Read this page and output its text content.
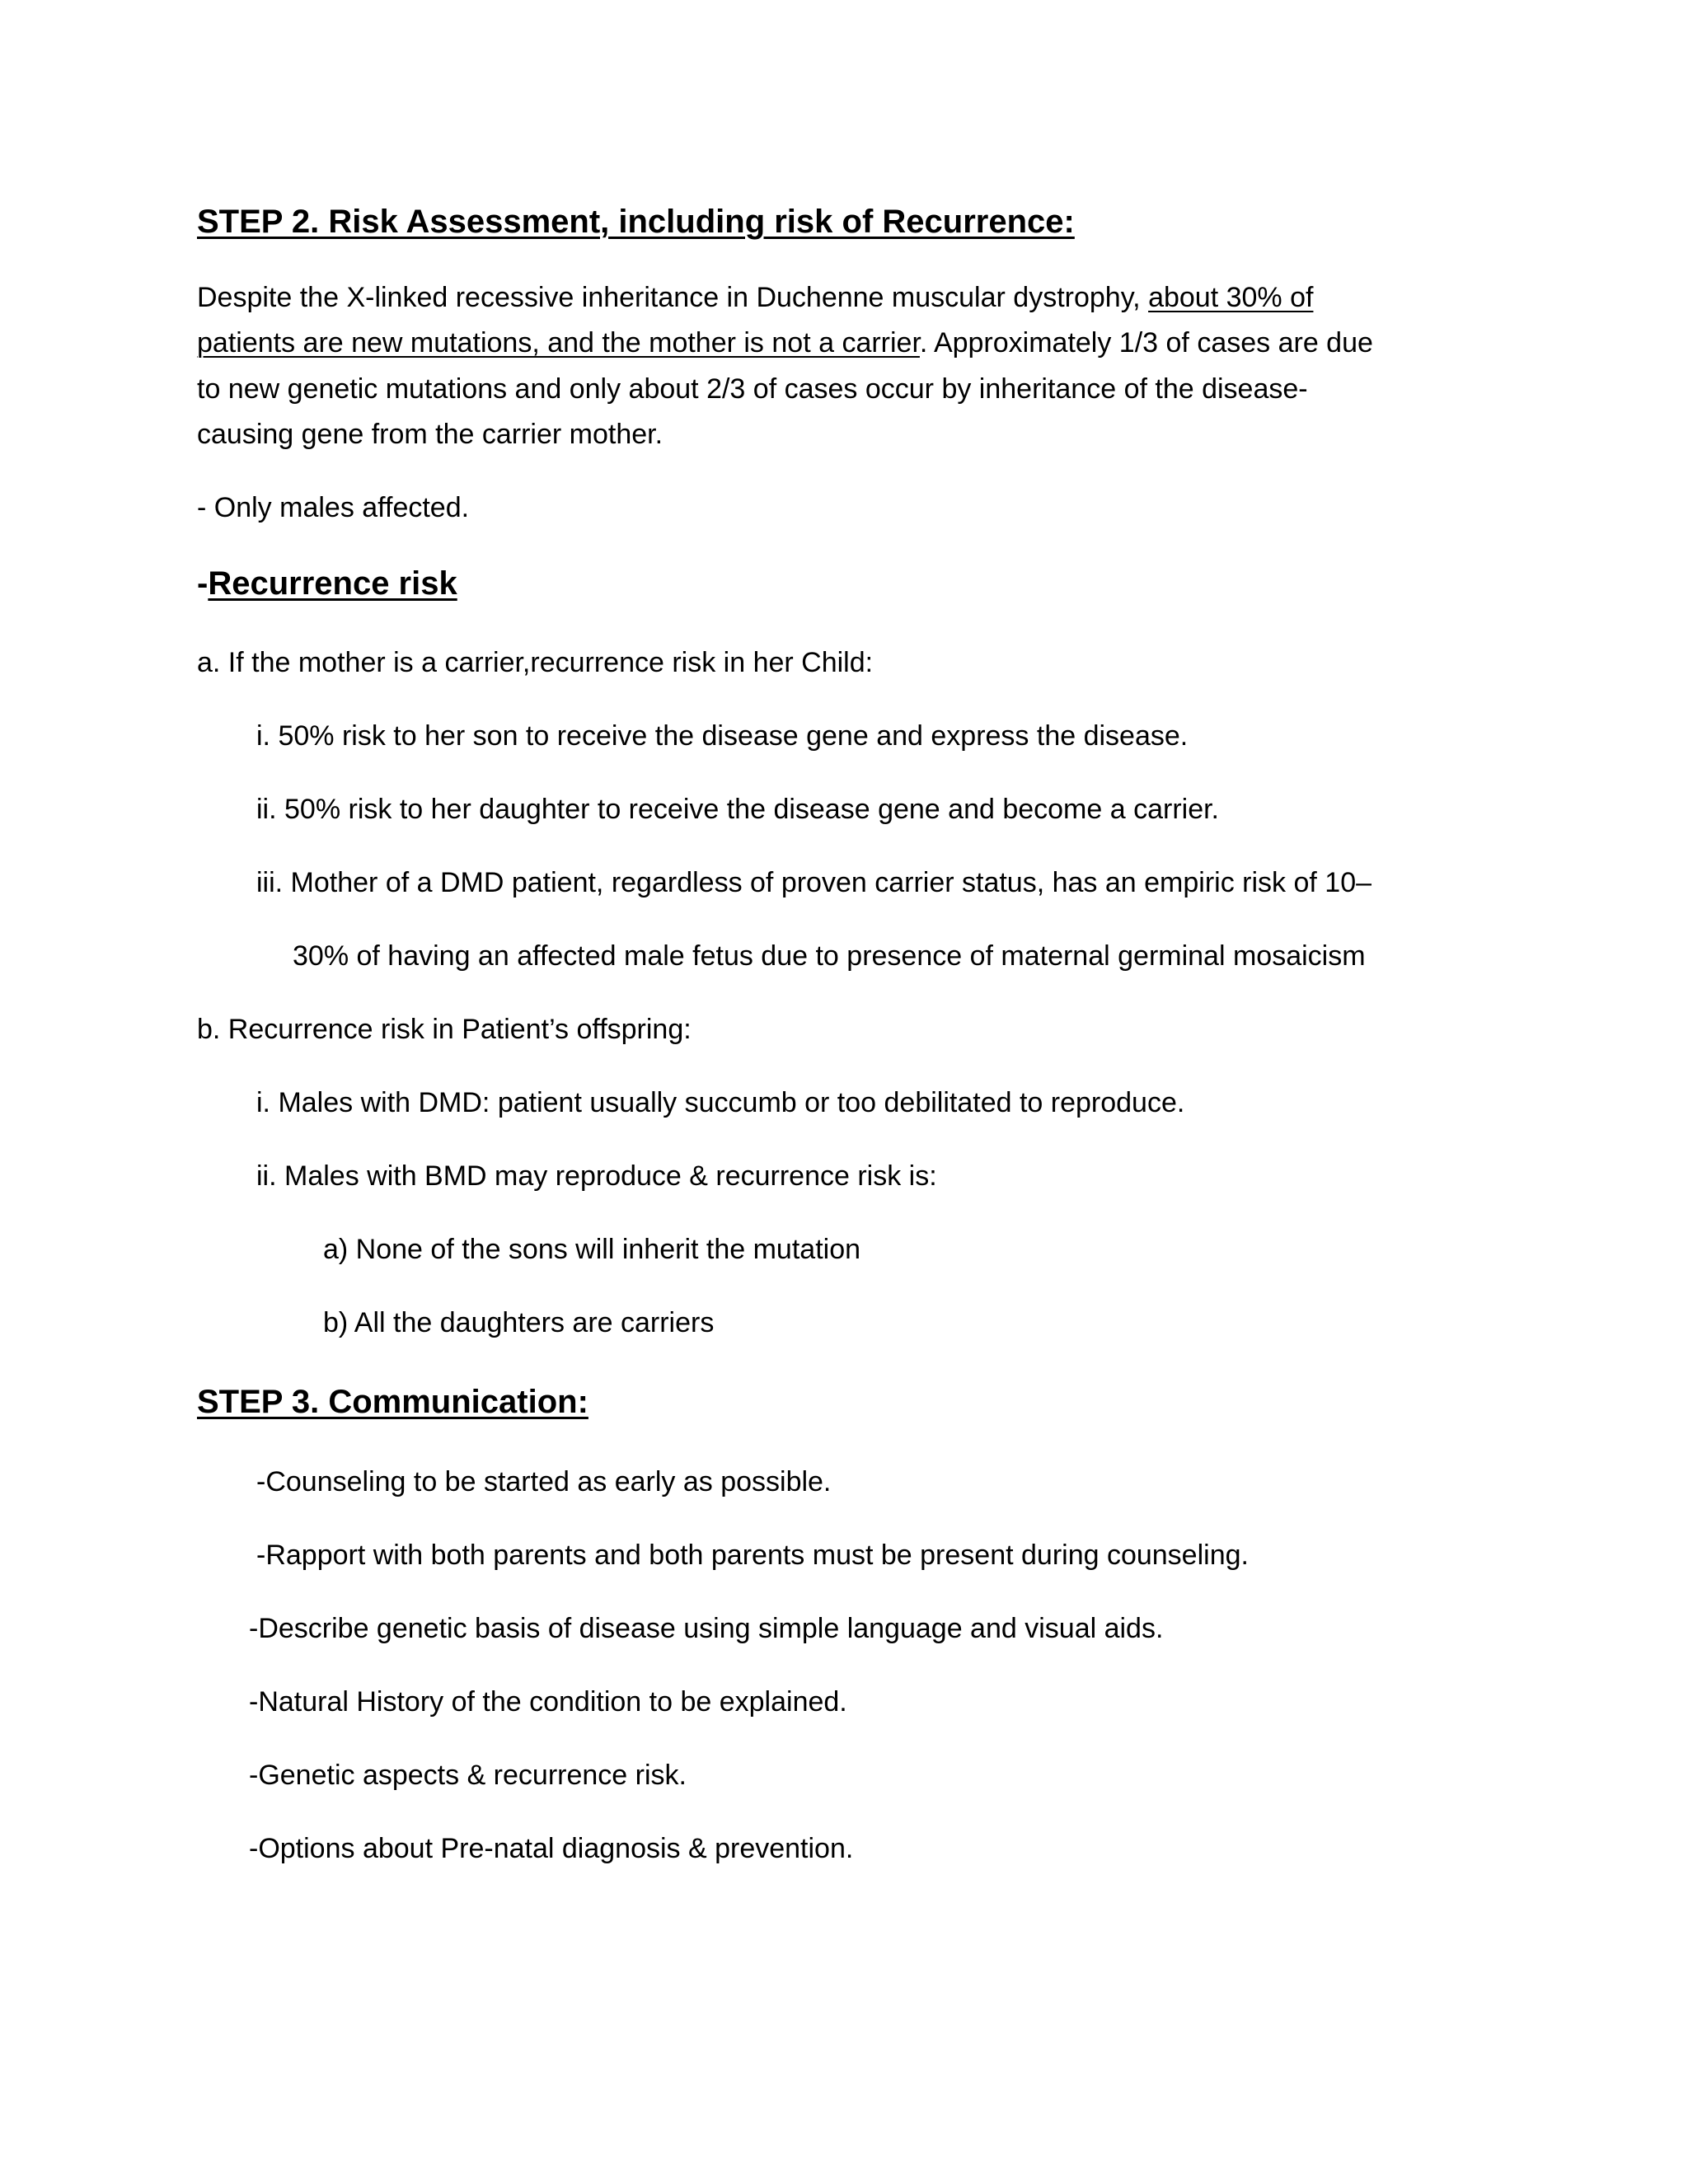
STEP 2. Risk Assessment, including risk of Recurrence:
Despite the X-linked recessive inheritance in Duchenne muscular dystrophy, about 30% of
patients are new mutations, and the mother is not a carrier. Approximately 1/3 of cases are due
to new genetic mutations and only about 2/3 of cases occur by inheritance of the disease-
causing gene from the carrier mother.
- Only males affected.
-Recurrence risk
a. If the mother is a carrier,recurrence risk in her Child:
i. 50% risk to her son to receive the disease gene and express the disease.
ii. 50% risk to her daughter to receive the disease gene and become a carrier.
iii. Mother of a DMD patient, regardless of proven carrier status, has an empiric risk of 10–
30% of having an affected male fetus due to presence of maternal germinal mosaicism
b. Recurrence risk in Patient’s offspring:
i. Males with DMD: patient usually succumb or too debilitated to reproduce.
ii. Males with BMD may reproduce & recurrence risk is:
a) None of the sons will inherit the mutation
b) All the daughters are carriers
STEP 3. Communication:
-Counseling to be started as early as possible.
-Rapport with both parents and both parents must be present during counseling.
-Describe genetic basis of disease using simple language and visual aids.
-Natural History of the condition to be explained.
-Genetic aspects & recurrence risk.
-Options about Pre-natal diagnosis & prevention.
